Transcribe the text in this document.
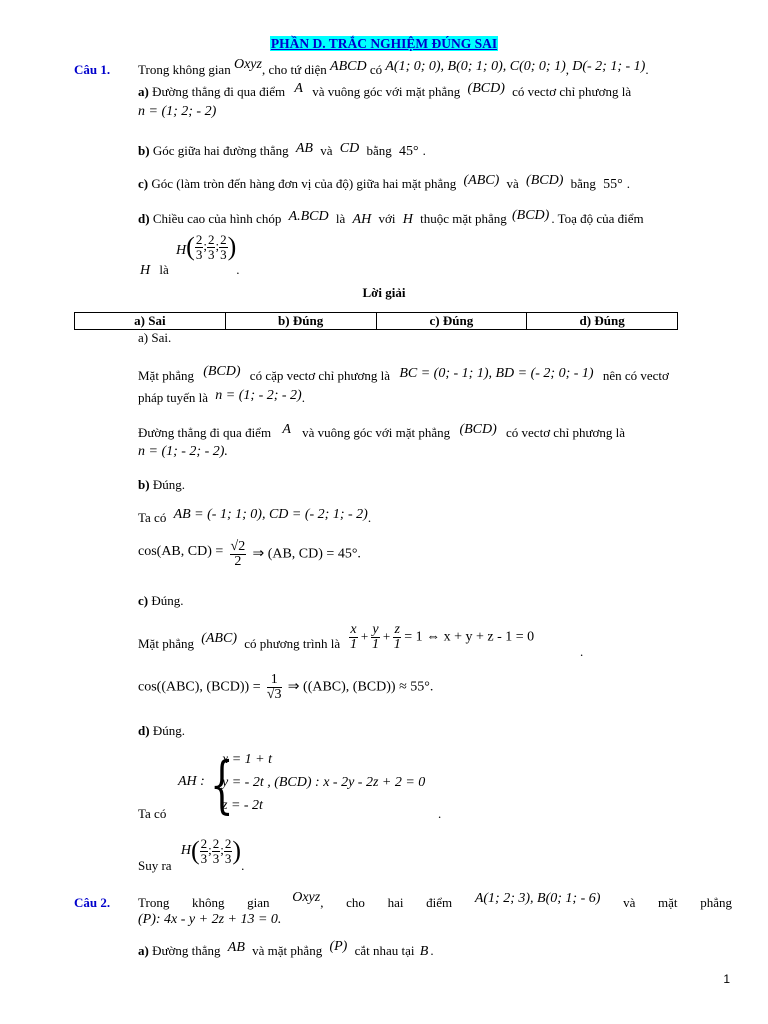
PHẦN D. TRẮC NGHIỆM ĐÚNG SAI
Câu 1. Trong không gian Oxyz, cho tứ diện ABCD có A(1; 0; 0), B(0; 1; 0), C(0; 0; 1), D(- 2; 1; - 1).
a) Đường thẳng đi qua điểm A và vuông góc với mặt phẳng (BCD) có vectơ chỉ phương là
n = (1; 2; - 2)
b) Góc giữa hai đường thẳng AB và CD bằng 45° .
c) Góc (làm tròn đến hàng đơn vị của độ) giữa hai mặt phẳng (ABC) và (BCD) bằng 55° .
d) Chiều cao của hình chóp A.BCD là AH với H thuộc mặt phẳng (BCD) . Toạ độ của điểm
H là $H( \frac{2}{3}$ ; $\frac{2}{3}$ ; $\frac{2}{3}$ ).
Lời giải
a) Sai	b) Đúng	c) Đúng	d) Đúng
a) Sai.
Mặt phẳng (BCD) có cặp vectơ chỉ phương là BC = (0; - 1; 1), BD = (- 2; 0; - 1) nên có vectơ
pháp tuyến là n = (1; - 2; - 2).
Đường thẳng đi qua điểm A và vuông góc với mặt phẳng (BCD) có vectơ chỉ phương là
n = (1; - 2; - 2).
b) Đúng.
Ta có AB = (- 1; 1; 0), CD = (- 2; 1; - 2).
cos(AB, $CD) = \frac{√2}{2}$ ⇒ (AB, CD) = 45°.
c) Đúng.
Mặt phẳng (ABC) có phương trình là $\frac{x}{1} + \frac{y}{1} + \frac{z}{1} = 1$ ⇔ x + y + z - 1 = 0
.
cos((ABC), $(BCD)) = \frac{1}{√3}$ ⇒ ((ABC), (BCD)) ≈ 55°.
d) Đúng.
AH : {
x = 1 + t
y = - 2t , (BCD) : x - 2y - 2z + 2 = 0
z = - 2t
Ta có	.
Suy ra $H( \frac{2}{3}$ ; $\frac{2}{3}$ ; $\frac{2}{3}$ ).
Câu 2. Trong không gian Oxyz, cho hai điểm A(1; 2; 3), B(0; 1; - 6) và mặt phẳng
(P): 4x - y + 2z + 13 = 0.
a) Đường thẳng AB và mặt phẳng (P) cắt nhau tại B .
1
